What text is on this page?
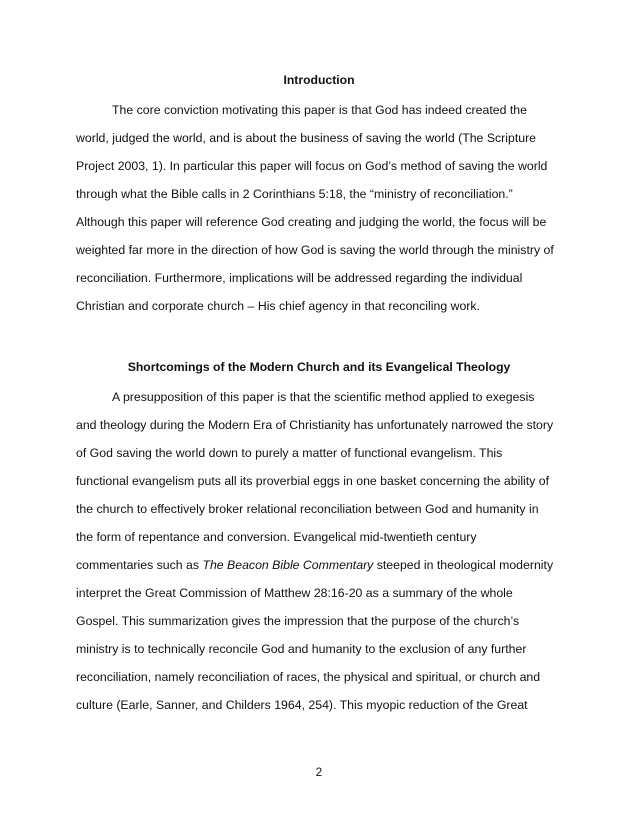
Introduction
The core conviction motivating this paper is that God has indeed created the
world, judged the world, and is about the business of saving the world (The Scripture
Project 2003, 1). In particular this paper will focus on God’s method of saving the world
through what the Bible calls in 2 Corinthians 5:18, the “ministry of reconciliation.”
Although this paper will reference God creating and judging the world, the focus will be
weighted far more in the direction of how God is saving the world through the ministry of
reconciliation. Furthermore, implications will be addressed regarding the individual
Christian and corporate church – His chief agency in that reconciling work.
Shortcomings of the Modern Church and its Evangelical Theology
A presupposition of this paper is that the scientific method applied to exegesis
and theology during the Modern Era of Christianity has unfortunately narrowed the story
of God saving the world down to purely a matter of functional evangelism. This
functional evangelism puts all its proverbial eggs in one basket concerning the ability of
the church to effectively broker relational reconciliation between God and humanity in
the form of repentance and conversion. Evangelical mid-twentieth century
commentaries such as The Beacon Bible Commentary steeped in theological modernity
interpret the Great Commission of Matthew 28:16-20 as a summary of the whole
Gospel. This summarization gives the impression that the purpose of the church’s
ministry is to technically reconcile God and humanity to the exclusion of any further
reconciliation, namely reconciliation of races, the physical and spiritual, or church and
culture (Earle, Sanner, and Childers 1964, 254). This myopic reduction of the Great
2
